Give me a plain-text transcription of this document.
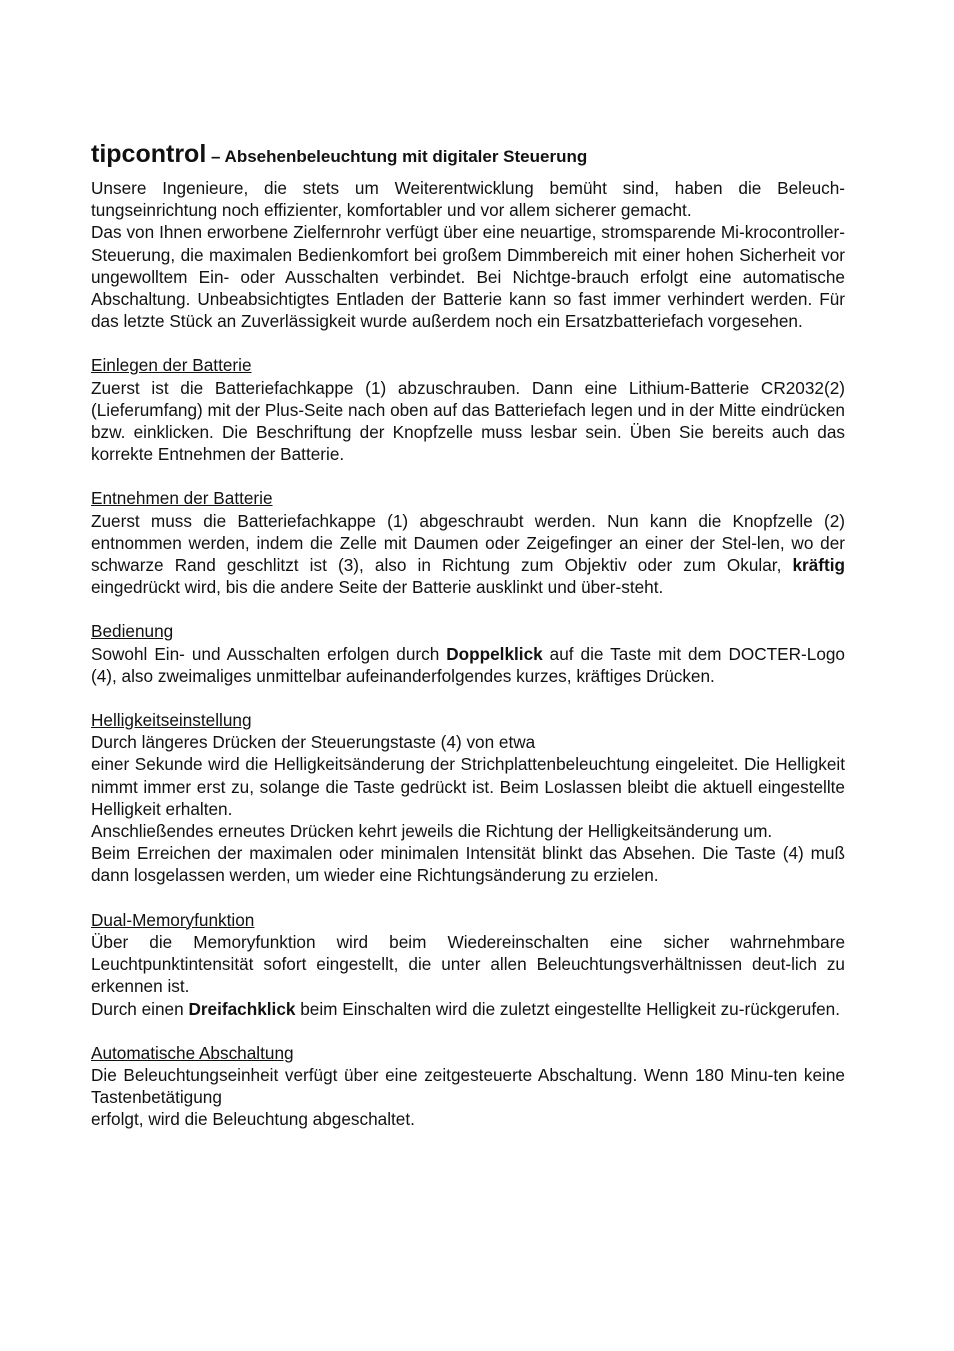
tipcontrol – Absehenbeleuchtung mit digitaler Steuerung

Unsere Ingenieure, die stets um Weiterentwicklung bemüht sind, haben die Beleuch-tungseinrichtung noch effizienter, komfortabler und vor allem sicherer gemacht.

Das von Ihnen erworbene Zielfernrohr verfügt über eine neuartige, stromsparende Mi-krocontroller-Steuerung, die maximalen Bedienkomfort bei großem Dimmbereich mit einer hohen Sicherheit vor ungewolltem Ein- oder Ausschalten verbindet. Bei Nichtge-brauch erfolgt eine automatische Abschaltung. Unbeabsichtigtes Entladen der Batterie kann so fast immer verhindert werden. Für das letzte Stück an Zuverlässigkeit wurde außerdem noch ein Ersatzbatteriefach vorgesehen.

Einlegen der Batterie

Zuerst ist die Batteriefachkappe (1) abzuschrauben. Dann eine Lithium-Batterie CR2032(2) (Lieferumfang) mit der Plus-Seite nach oben auf das Batteriefach legen und in der Mitte eindrücken bzw. einklicken. Die Beschriftung der Knopfzelle muss lesbar sein. Üben Sie bereits auch das korrekte Entnehmen der Batterie.

Entnehmen der Batterie

Zuerst muss die Batteriefachkappe (1) abgeschraubt werden. Nun kann die Knopfzelle (2) entnommen werden, indem die Zelle mit Daumen oder Zeigefinger an einer der Stel-len, wo der schwarze Rand geschlitzt ist (3), also in Richtung zum Objektiv oder zum Okular, kräftig eingedrückt wird, bis die andere Seite der Batterie ausklinkt und über-steht.

Bedienung

Sowohl Ein- und Ausschalten erfolgen durch Doppelklick auf die Taste mit dem DOCTER-Logo (4), also zweimaliges unmittelbar aufeinanderfolgendes kurzes, kräftiges Drücken.

Helligkeitseinstellung

Durch längeres Drücken der Steuerungstaste (4) von etwa

einer Sekunde wird die Helligkeitsänderung der Strichplattenbeleuchtung eingeleitet. Die Helligkeit nimmt immer erst zu, solange die Taste gedrückt ist. Beim Loslassen bleibt die aktuell eingestellte Helligkeit erhalten.

Anschließendes erneutes Drücken kehrt jeweils die Richtung der Helligkeitsänderung um.

Beim Erreichen der maximalen oder minimalen Intensität blinkt das Absehen. Die Taste (4) muß dann losgelassen werden, um wieder eine Richtungsänderung zu erzielen.

Dual-Memoryfunktion

Über die Memoryfunktion wird beim Wiedereinschalten eine sicher wahrnehmbare Leuchtpunktintensität sofort eingestellt, die unter allen Beleuchtungsverhältnissen deut-lich zu erkennen ist.

Durch einen Dreifachklick beim Einschalten wird die zuletzt eingestellte Helligkeit zu-rückgerufen.

Automatische Abschaltung

Die Beleuchtungseinheit verfügt über eine zeitgesteuerte Abschaltung. Wenn 180 Minu-ten keine Tastenbetätigung

erfolgt, wird die Beleuchtung abgeschaltet.
